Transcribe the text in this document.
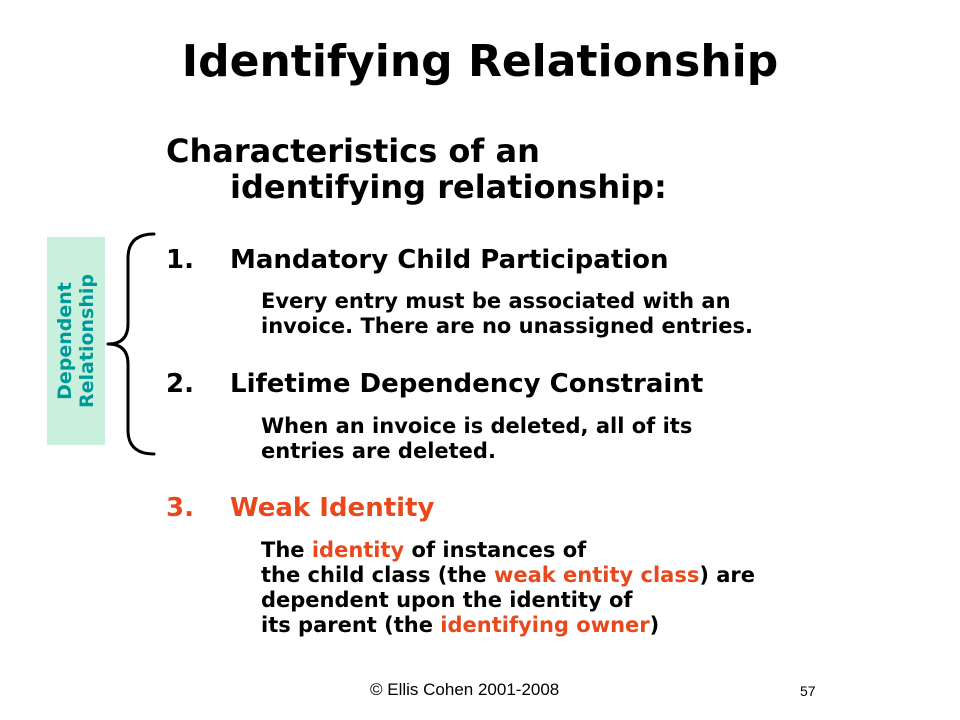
Identifying Relationship
Characteristics of an
identifying relationship:
Dependent Relationship
1. Mandatory Child Participation
Every entry must be associated with an
invoice. There are no unassigned entries.
2. Lifetime Dependency Constraint
When an invoice is deleted, all of its
entries are deleted.
3. Weak Identity
The identity of instances of
the child class (the weak entity class) are
dependent upon the identity of
its parent (the identifying owner)
© Ellis Cohen 2001-2008	57
